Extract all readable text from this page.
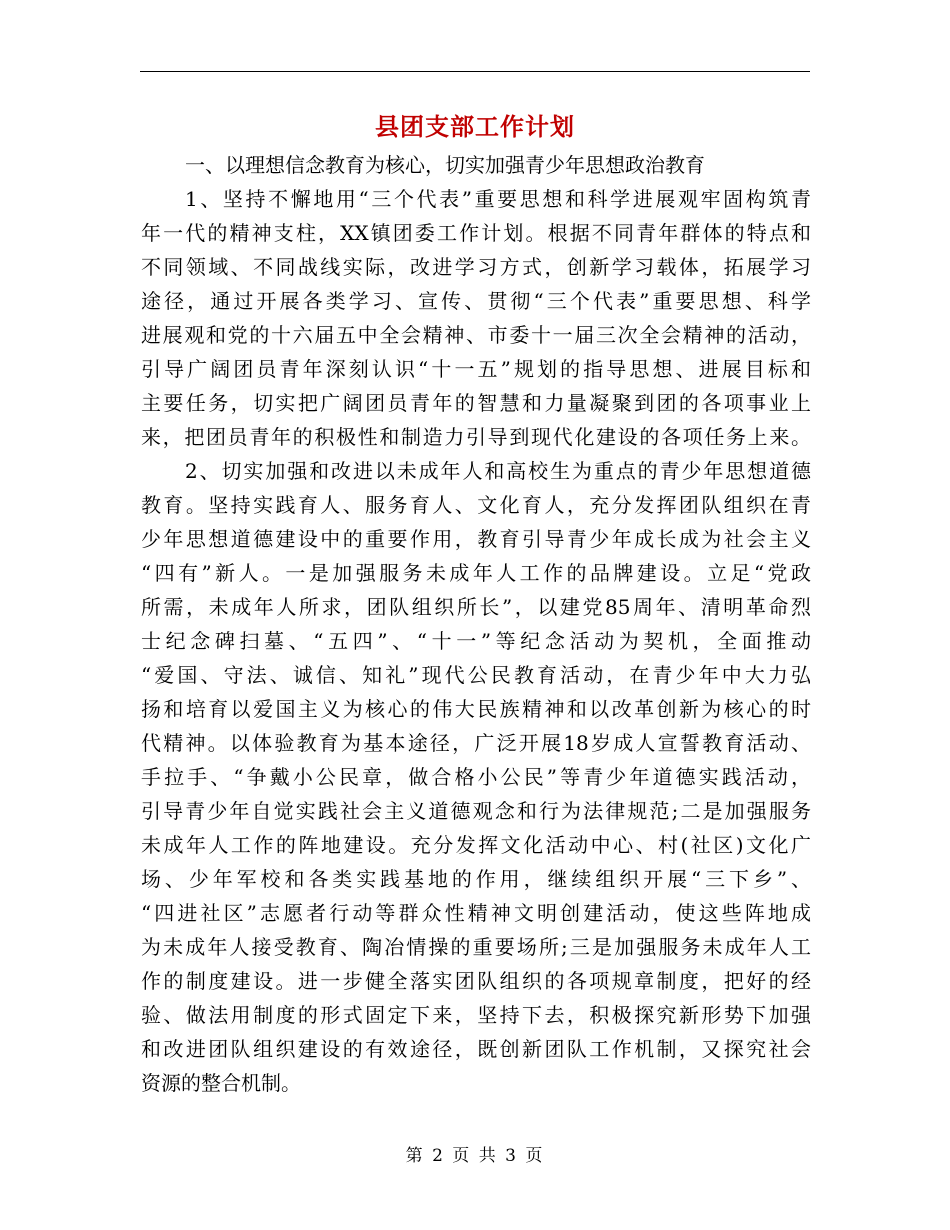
县团支部工作计划
一、以理想信念教育为核心，切实加强青少年思想政治教育
1、坚持不懈地用“三个代表”重要思想和科学进展观牢固构筑青
年一代的精神支柱，XX镇团委工作计划。根据不同青年群体的特点和
不同领域、不同战线实际，改进学习方式，创新学习载体，拓展学习
途径，通过开展各类学习、宣传、贯彻“三个代表”重要思想、科学
进展观和党的十六届五中全会精神、市委十一届三次全会精神的活动，
引导广阔团员青年深刻认识“十一五”规划的指导思想、进展目标和
主要任务，切实把广阔团员青年的智慧和力量凝聚到团的各项事业上
来，把团员青年的积极性和制造力引导到现代化建设的各项任务上来。
2、切实加强和改进以未成年人和高校生为重点的青少年思想道德
教育。坚持实践育人、服务育人、文化育人，充分发挥团队组织在青
少年思想道德建设中的重要作用，教育引导青少年成长成为社会主义
“四有”新人。一是加强服务未成年人工作的品牌建设。立足“党政
所需，未成年人所求，团队组织所长”，以建党85周年、清明革命烈
士纪念碑扫墓、“五四”、“十一”等纪念活动为契机，全面推动
“爱国、守法、诚信、知礼”现代公民教育活动，在青少年中大力弘
扬和培育以爱国主义为核心的伟大民族精神和以改革创新为核心的时
代精神。以体验教育为基本途径，广泛开展18岁成人宣誓教育活动、
手拉手、“争戴小公民章，做合格小公民”等青少年道德实践活动，
引导青少年自觉实践社会主义道德观念和行为法律规范;二是加强服务
未成年人工作的阵地建设。充分发挥文化活动中心、村(社区)文化广
场、少年军校和各类实践基地的作用，继续组织开展“三下乡”、
“四进社区”志愿者行动等群众性精神文明创建活动，使这些阵地成
为未成年人接受教育、陶冶情操的重要场所;三是加强服务未成年人工
作的制度建设。进一步健全落实团队组织的各项规章制度，把好的经
验、做法用制度的形式固定下来，坚持下去，积极探究新形势下加强
和改进团队组织建设的有效途径，既创新团队工作机制，又探究社会
资源的整合机制。
第 2 页 共 3 页
